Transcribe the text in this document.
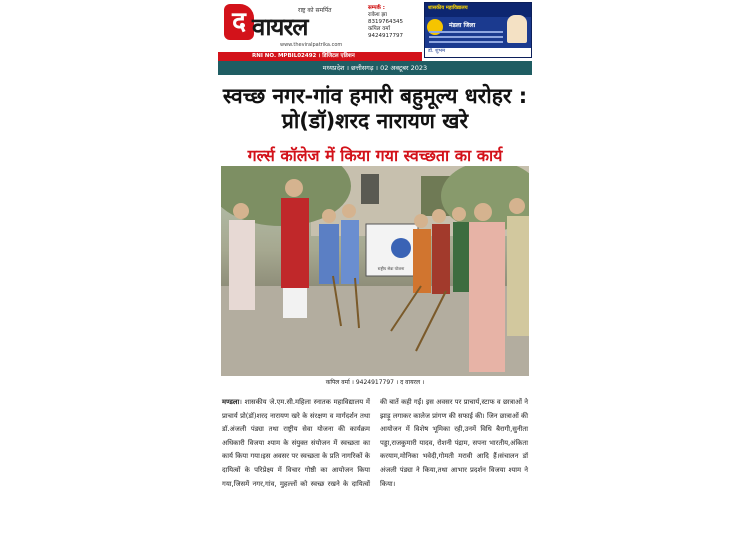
द वायरल
राष्ट्र को समर्पित
www.theviralpatrika.com
सम्पर्क :
राकेश झा
8319764345
कपिल वर्मा
9424917797
शासकीय महाविद्यालय
मंडला जिला
डॉ. शुभम
RNI NO. MPBIL02492 । डिजिटल एडिशन
मध्यप्रदेश । छत्तीसगढ़ । 02 अक्टूबर 2023
स्वच्छ नगर-गांव हमारी बहुमूल्य धरोहर :
प्रो(डॉ)शरद नारायण खरे
गर्ल्स कॉलेज में किया गया स्वच्छता का कार्य
राष्ट्रीय सेवा योजना
कपिल वर्मा । 9424917797 । द वायरल ।
मण्डला। शासकीय जे.एम.सी.महिला स्नातक महाविद्यालय में प्राचार्य प्रो(डॉ)शरद नारायण खरे के संरक्षण व मार्गदर्शन तथा डॉ.अंजली पंड्या तथा राष्ट्रीय सेवा योजना की कार्यक्रम अधिकारी विजया श्याम के संयुक्त संयोजन में स्वच्छता का कार्य किया गया।इस अवसर पर स्वच्छता के प्रति नागरिकों के दायित्वों के परिप्रेक्ष्य में विचार गोष्ठी का आयोजन किया गया,जिसमें नगर,गांव, मुहल्लों को स्वच्छ रखने के दायित्वों की बातें कही गईं। इस अवसर पर प्राचार्य,स्टाफ व छात्राओं ने झाड़ू लगाकर कालेज प्रांगण की सफाई की। जिन छात्राओं की आयोजन में विशेष भूमिका रही,उनमें विधि बैरागी,सुनीता पड्डा,राजकुमारी यादव, रोशनी पंद्राम, सपना भारतीय,अंकिता करयाम,मोनिका भवेदी,गोमती मरावी आदि हैं।संचालन डॉ अंजली पंड्या ने किया,तथा आभार प्रदर्शन विजया श्याम ने किया।
